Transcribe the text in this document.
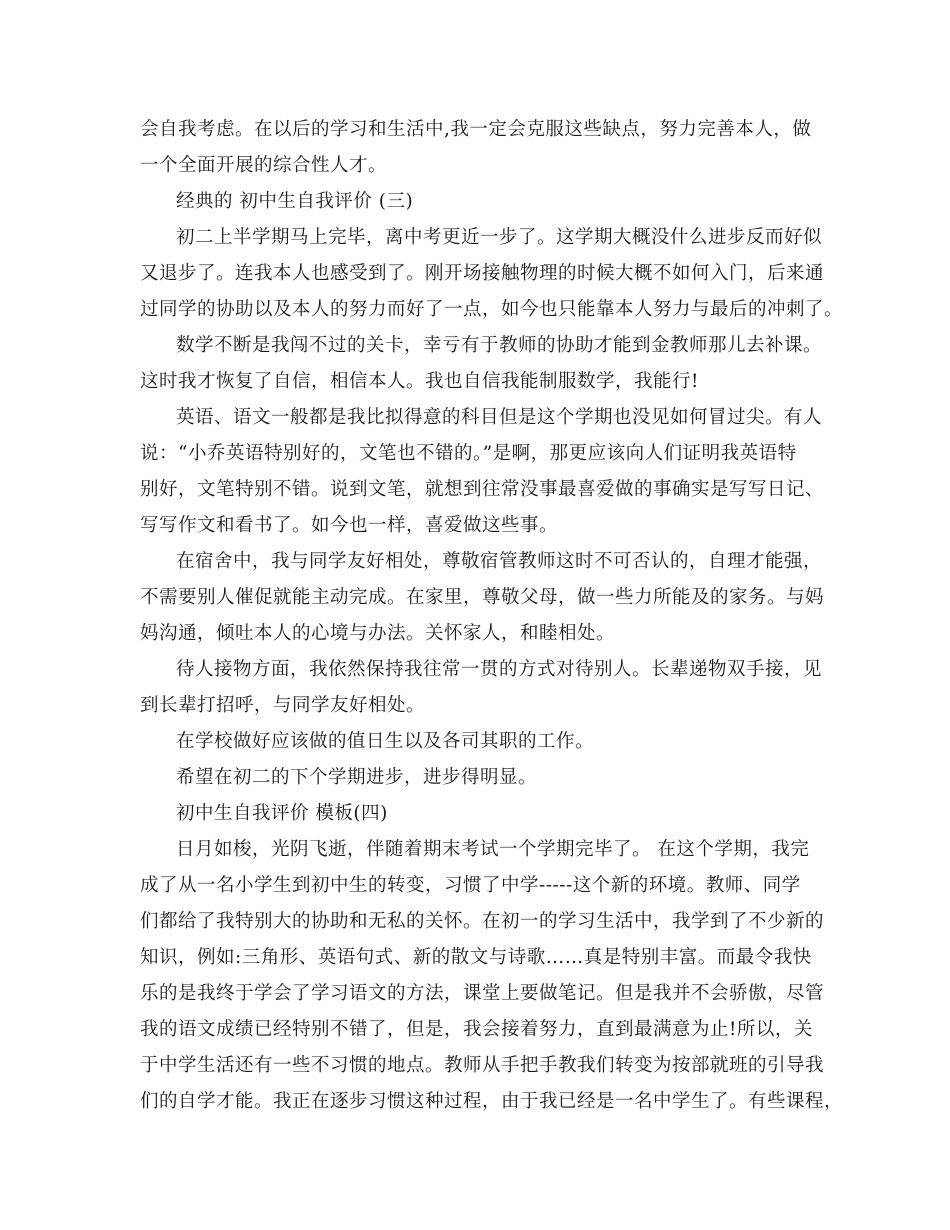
会自我考虑。在以后的学习和生活中,我一定会克服这些缺点，努力完善本人，做
一个全面开展的综合性人才。
经典的 初中生自我评价 (三)
初二上半学期马上完毕，离中考更近一步了。这学期大概没什么进步反而好似
又退步了。连我本人也感受到了。刚开场接触物理的时候大概不如何入门，后来通
过同学的协助以及本人的努力而好了一点，如今也只能靠本人努力与最后的冲刺了。
数学不断是我闯不过的关卡，幸亏有于教师的协助才能到金教师那儿去补课。
这时我才恢复了自信，相信本人。我也自信我能制服数学，我能行!
英语、语文一般都是我比拟得意的科目但是这个学期也没见如何冒过尖。有人
说：“小乔英语特别好的，文笔也不错的。”是啊，那更应该向人们证明我英语特
别好，文笔特别不错。说到文笔，就想到往常没事最喜爱做的事确实是写写日记、
写写作文和看书了。如今也一样，喜爱做这些事。
在宿舍中，我与同学友好相处，尊敬宿管教师这时不可否认的，自理才能强，
不需要别人催促就能主动完成。在家里，尊敬父母，做一些力所能及的家务。与妈
妈沟通，倾吐本人的心境与办法。关怀家人，和睦相处。
待人接物方面，我依然保持我往常一贯的方式对待别人。长辈递物双手接，见
到长辈打招呼，与同学友好相处。
在学校做好应该做的值日生以及各司其职的工作。
希望在初二的下个学期进步，进步得明显。
初中生自我评价 模板(四)
日月如梭，光阴飞逝，伴随着期末考试一个学期完毕了。 在这个学期，我完
成了从一名小学生到初中生的转变，习惯了中学-----这个新的环境。教师、同学
们都给了我特别大的协助和无私的关怀。在初一的学习生活中，我学到了不少新的
知识，例如:三角形、英语句式、新的散文与诗歌……真是特别丰富。而最令我快
乐的是我终于学会了学习语文的方法，课堂上要做笔记。但是我并不会骄傲，尽管
我的语文成绩已经特别不错了，但是，我会接着努力，直到最满意为止!所以，关
于中学生活还有一些不习惯的地点。教师从手把手教我们转变为按部就班的引导我
们的自学才能。我正在逐步习惯这种过程，由于我已经是一名中学生了。有些课程，
